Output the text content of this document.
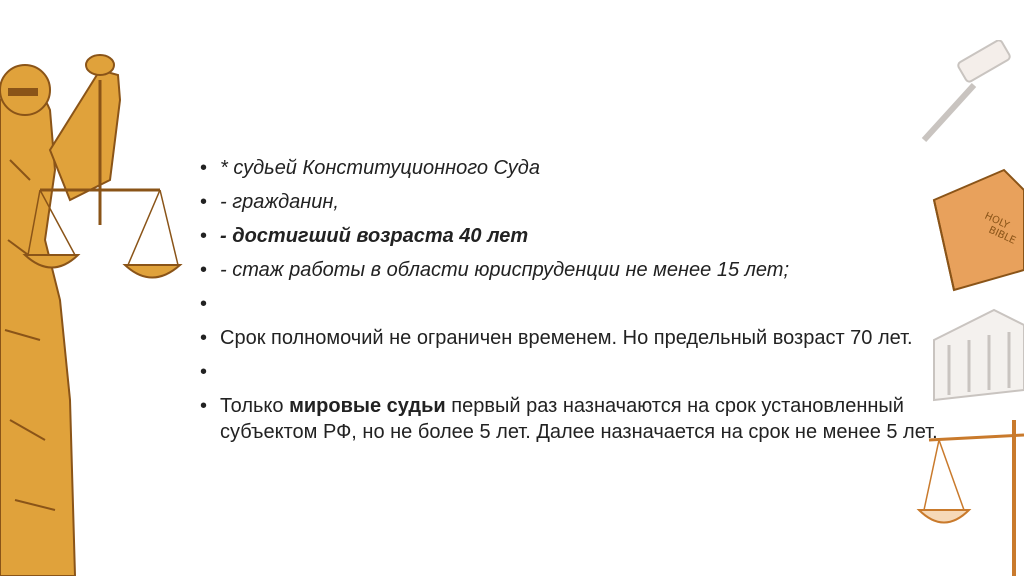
HOLY
BIBLE
• * судьей Конституционного Суда
• - гражданин,
• - достигший возраста 40 лет
• - стаж работы в области юриспруденции не менее 15 лет;
•
• Срок полномочий не ограничен временем. Но предельный возраст 70 лет.
•
• Только мировые судьи первый раз назначаются на срок установленный субъектом РФ, но не более 5 лет. Далее назначается на срок не менее 5 лет.
